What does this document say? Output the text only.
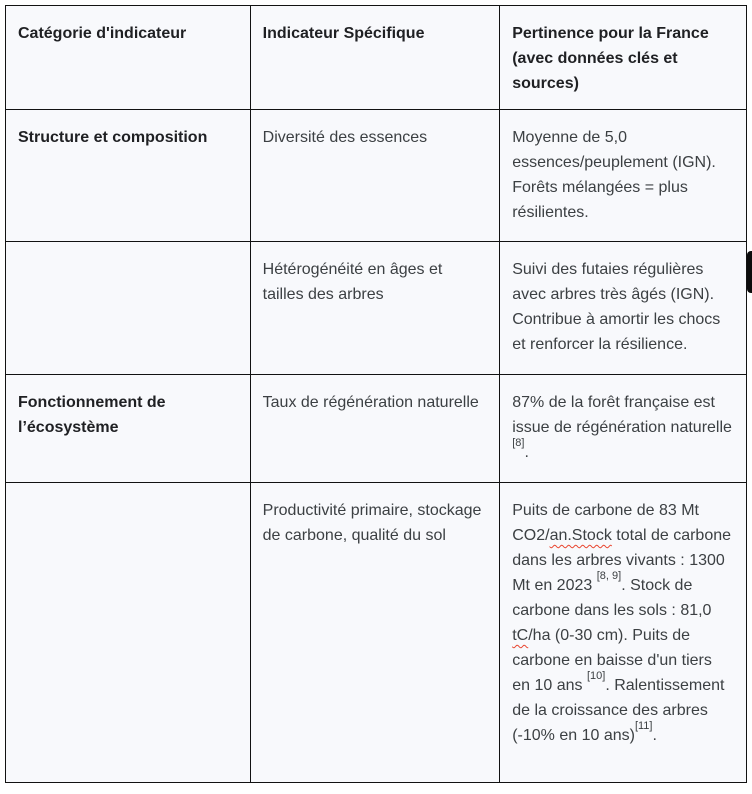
Catégorie d'indicateur	Indicateur Spécifique	Pertinence pour la France (avec données clés et sources)
Structure et composition	Diversité des essences	Moyenne de 5,0 essences/peuplement (IGN). Forêts mélangées = plus résilientes.
	Hétérogénéité en âges et tailles des arbres	Suivi des futaies régulières avec arbres très âgés (IGN). Contribue à amortir les chocs et renforcer la résilience.
Fonctionnement de l’écosystème	Taux de régénération naturelle	87% de la forêt française est issue de régénération naturelle [8].
	Productivité primaire, stockage de carbone, qualité du sol	Puits de carbone de 83 Mt CO2/an.Stock total de carbone dans les arbres vivants : 1300 Mt en 2023 [8, 9]. Stock de carbone dans les sols : 81,0 tC/ha (0-30 cm). Puits de carbone en baisse d'un tiers en 10 ans [10]. Ralentissement de la croissance des arbres (-10% en 10 ans)[11].
